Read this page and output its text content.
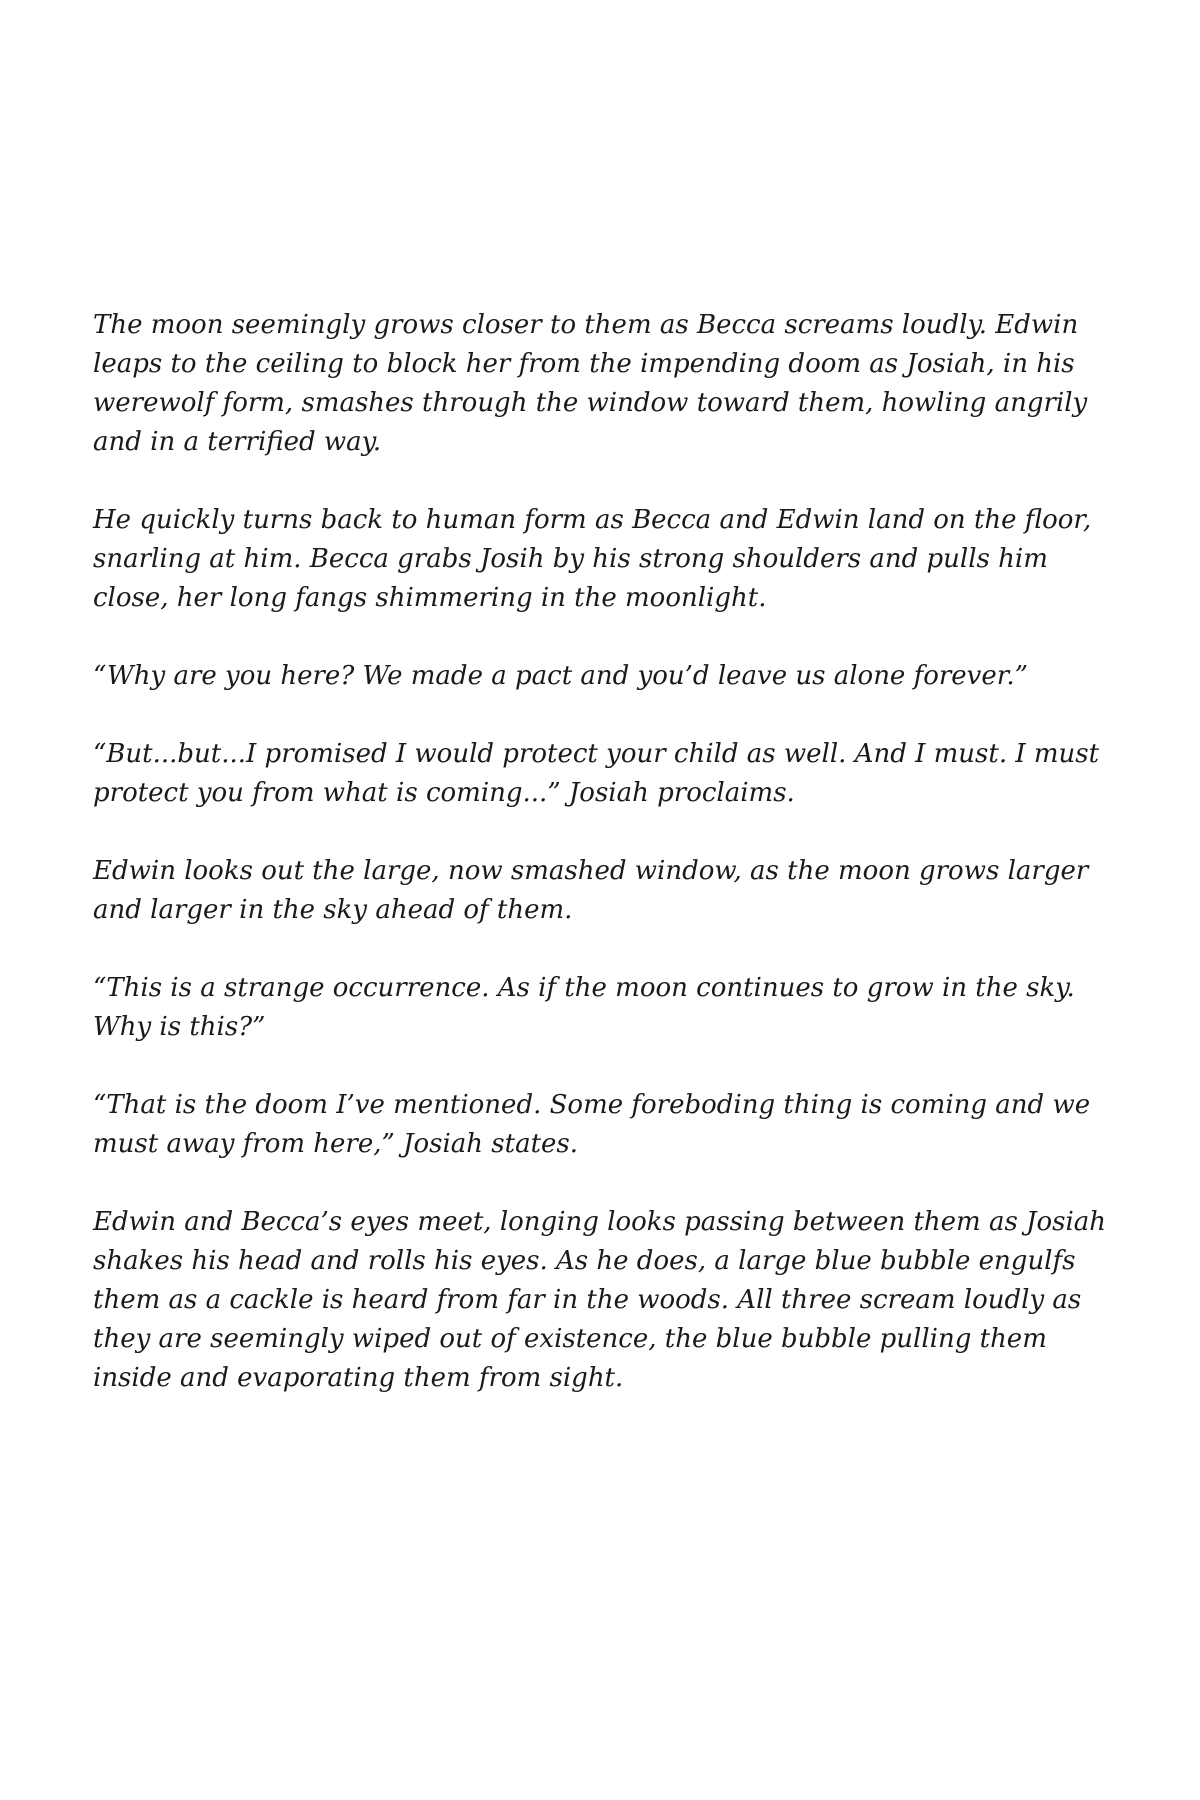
The moon seemingly grows closer to them as Becca screams loudly. Edwin leaps to the ceiling to block her from the impending doom as Josiah, in his werewolf form, smashes through the window toward them, howling angrily and in a terrified way.

He quickly turns back to human form as Becca and Edwin land on the floor, snarling at him. Becca grabs Josih by his strong shoulders and pulls him close, her long fangs shimmering in the moonlight.

“Why are you here? We made a pact and you’d leave us alone forever.”

“But...but...I promised I would protect your child as well. And I must. I must protect you from what is coming...” Josiah proclaims.

Edwin looks out the large, now smashed window, as the moon grows larger and larger in the sky ahead of them.

“This is a strange occurrence. As if the moon continues to grow in the sky. Why is this?”

“That is the doom I’ve mentioned. Some foreboding thing is coming and we must away from here,” Josiah states.

Edwin and Becca’s eyes meet, longing looks passing between them as Josiah shakes his head and rolls his eyes. As he does, a large blue bubble engulfs them as a cackle is heard from far in the woods. All three scream loudly as they are seemingly wiped out of existence, the blue bubble pulling them inside and evaporating them from sight.
